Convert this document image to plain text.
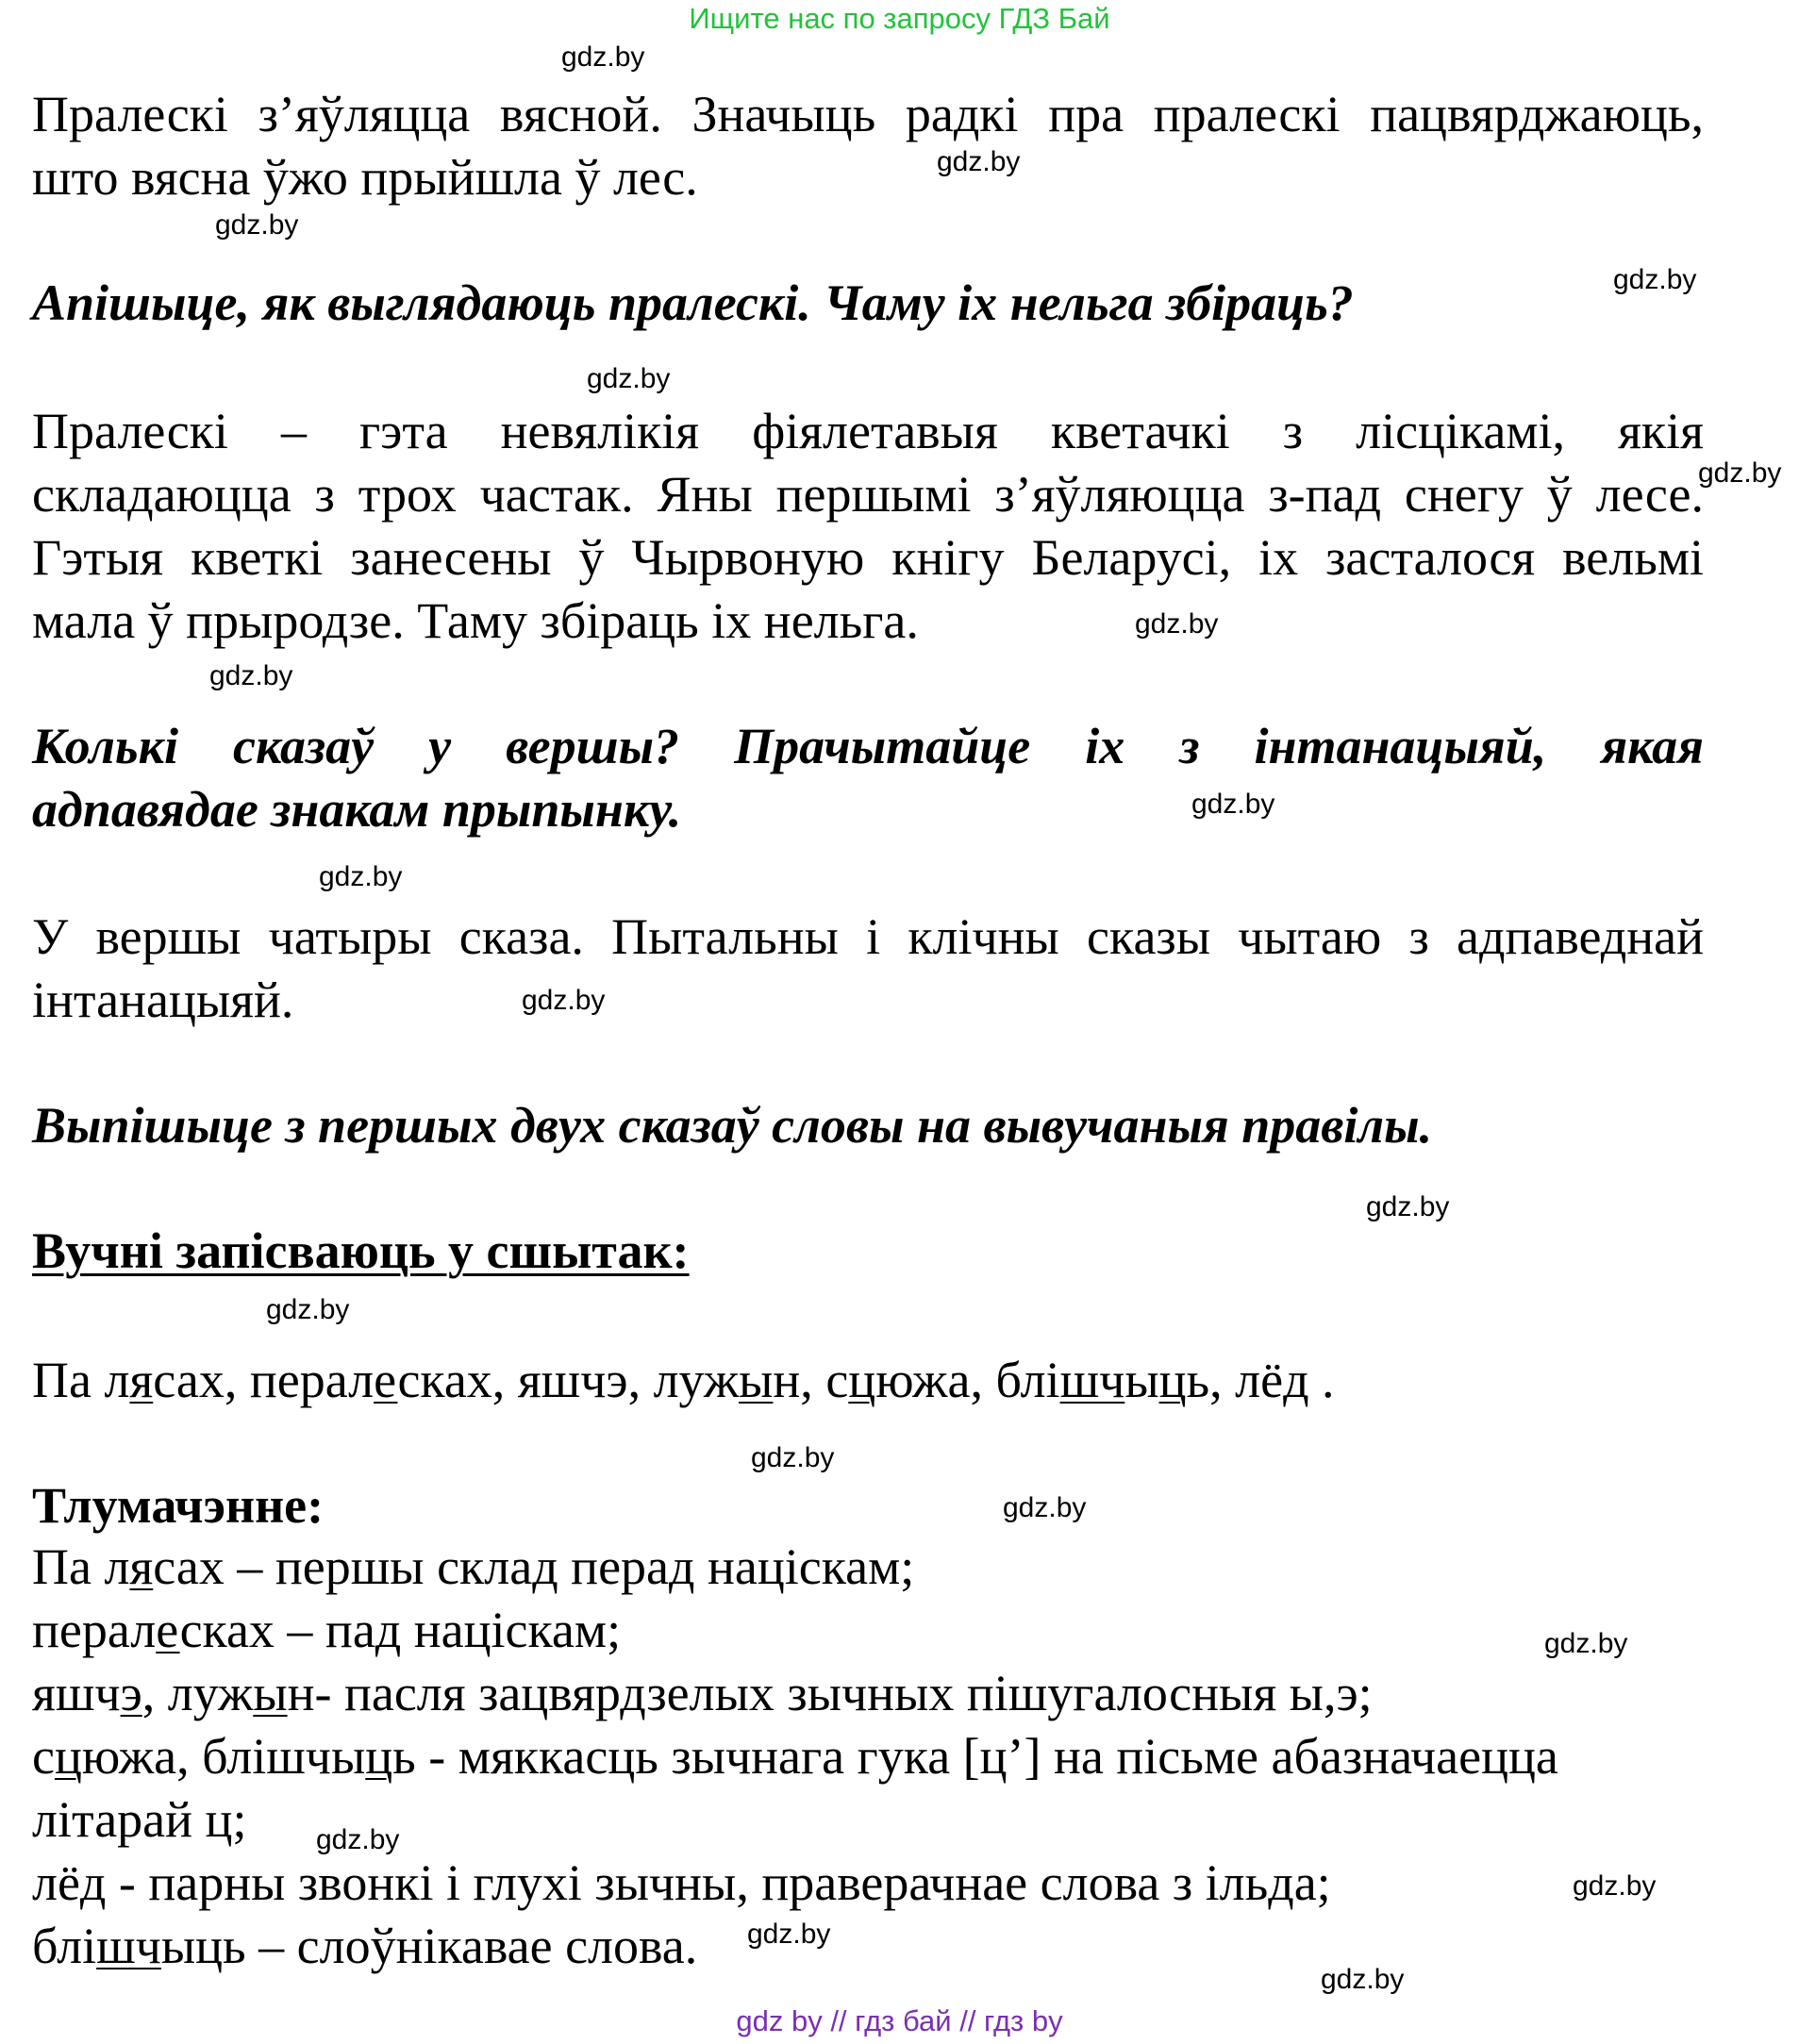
Ищите нас по запросу ГДЗ Бай
gdz.by
gdz.by
gdz.by
gdz.by
gdz.by
gdz.by
gdz.by
gdz.by
gdz.by
gdz.by
gdz.by
gdz.by
gdz.by
gdz.by
gdz.by
gdz.by
gdz.by
gdz.by
gdz.by
gdz.by
Пралескі з’яўляцца вясной. Значыць радкі пра пралескі пацвярджаюць,
што вясна ўжо прыйшла ў лес.
Апішыце, як выглядаюць пралескі. Чаму іх нельга збіраць?
Пралескі – гэта невялікія фіялетавыя кветачкі з лісцікамі, якія
складаюцца з трох частак. Яны першымі з’яўляюцца з-пад снегу ў лесе.
Гэтыя кветкі занесены ў Чырвоную кнігу Беларусі, іх засталося вельмі
мала ў прыродзе. Таму збіраць іх нельга.
Колькі сказаў у вершы? Прачытайце іх з інтанацыяй, якая
адпавядае знакам прыпынку.
У вершы чатыры сказа. Пытальны і клічны сказы чытаю з адпаведнай
інтанацыяй.
Выпішыце з першых двух сказаў словы на вывучаныя правілы.
Вучні запісваюць у сшытак:
Па лясах, пералесках, яшчэ, лужын, сцюжа, блішчыць, лёд .
Тлумачэнне:
Па лясах – першы склад перад націскам;
пералесках – пад націскам;
яшчэ, лужын- пасля зацвярдзелых зычных пішугалосныя ы,э;
сцюжа, блішчыць - мяккасць зычнага гука [ц’] на пісьме абазначаецца
літарай ц;
лёд - парны звонкі і глухі зычны, праверачнае слова з ільда;
блішчыць – слоўнікавае слова.
gdz by // гдз бай // гдз by
